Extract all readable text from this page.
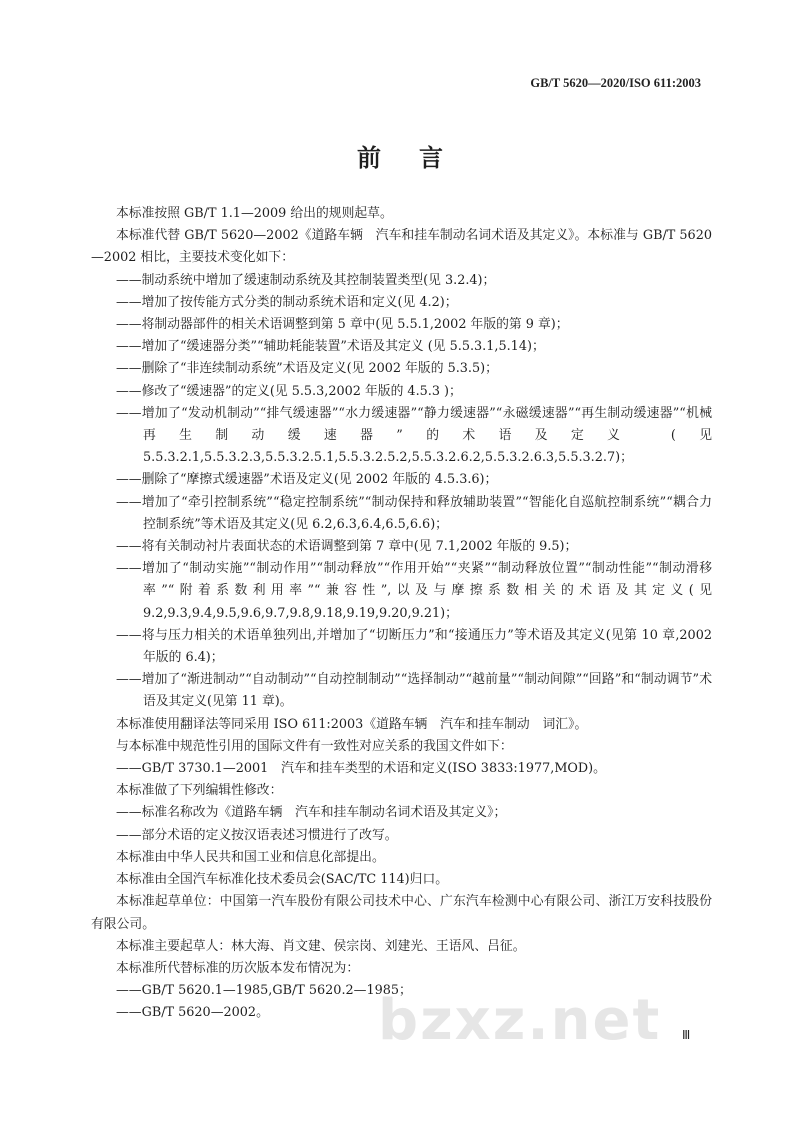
GB/T 5620—2020/ISO 611:2003
前言

本标准按照 GB/T 1.1—2009 给出的规则起草。

本标准代替 GB/T 5620—2002《道路车辆　汽车和挂车制动名词术语及其定义》。本标准与 GB/T 5620—2002 相比，主要技术变化如下：

——制动系统中增加了缓速制动系统及其控制装置类型(见 3.2.4)；

——增加了按传能方式分类的制动系统术语和定义(见 4.2)；

——将制动器部件的相关术语调整到第 5 章中(见 5.5.1,2002 年版的第 9 章)；

——增加了“缓速器分类”“辅助耗能装置”术语及其定义 (见 5.5.3.1,5.14)；

——删除了“非连续制动系统”术语及定义(见 2002 年版的 5.3.5)；

——修改了“缓速器”的定义(见 5.5.3,2002 年版的 4.5.3 )；

——增加了“发动机制动”“排气缓速器”“水力缓速器”“静力缓速器”“永磁缓速器”“再生制动缓速器”“机械再生制动缓速器”的术语及定义 (见 5.5.3.2.1,5.5.3.2.3,5.5.3.2.5.1,5.5.3.2.5.2,5.5.3.2.6.2,5.5.3.2.6.3,5.5.3.2.7)；

——删除了“摩擦式缓速器”术语及定义(见 2002 年版的 4.5.3.6)；

——增加了“牵引控制系统”“稳定控制系统”“制动保持和释放辅助装置”“智能化自巡航控制系统”“耦合力控制系统”等术语及其定义(见 6.2,6.3,6.4,6.5,6.6)；

——将有关制动衬片表面状态的术语调整到第 7 章中(见 7.1,2002 年版的 9.5)；

——增加了“制动实施”“制动作用”“制动释放”“作用开始”“夹紧”“制动释放位置”“制动性能”“制动滑移率”“附着系数利用率”“兼容性”,以及与摩擦系数相关的术语及其定义(见 9.2,9.3,9.4,9.5,9.6,9.7,9.8,9.18,9.19,9.20,9.21)；

——将与压力相关的术语单独列出,并增加了“切断压力”和“接通压力”等术语及其定义(见第 10 章,2002 年版的 6.4)；

——增加了“渐进制动”“自动制动”“自动控制制动”“选择制动”“越前量”“制动间隙”“回路”和“制动调节”术语及其定义(见第 11 章)。

本标准使用翻译法等同采用 ISO 611:2003《道路车辆　汽车和挂车制动　词汇》。

与本标准中规范性引用的国际文件有一致性对应关系的我国文件如下：

——GB/T 3730.1—2001　汽车和挂车类型的术语和定义(ISO 3833:1977,MOD)。

本标准做了下列编辑性修改：

——标准名称改为《道路车辆　汽车和挂车制动名词术语及其定义》；

——部分术语的定义按汉语表述习惯进行了改写。

本标准由中华人民共和国工业和信息化部提出。

本标准由全国汽车标准化技术委员会(SAC/TC 114)归口。

本标准起草单位：中国第一汽车股份有限公司技术中心、广东汽车检测中心有限公司、浙江万安科技股份有限公司。

本标准主要起草人：林大海、肖文建、侯宗岗、刘建光、王语风、吕征。

本标准所代替标准的历次版本发布情况为：

——GB/T 5620.1—1985,GB/T 5620.2—1985；

——GB/T 5620—2002。	bzxz.net Ⅲ
